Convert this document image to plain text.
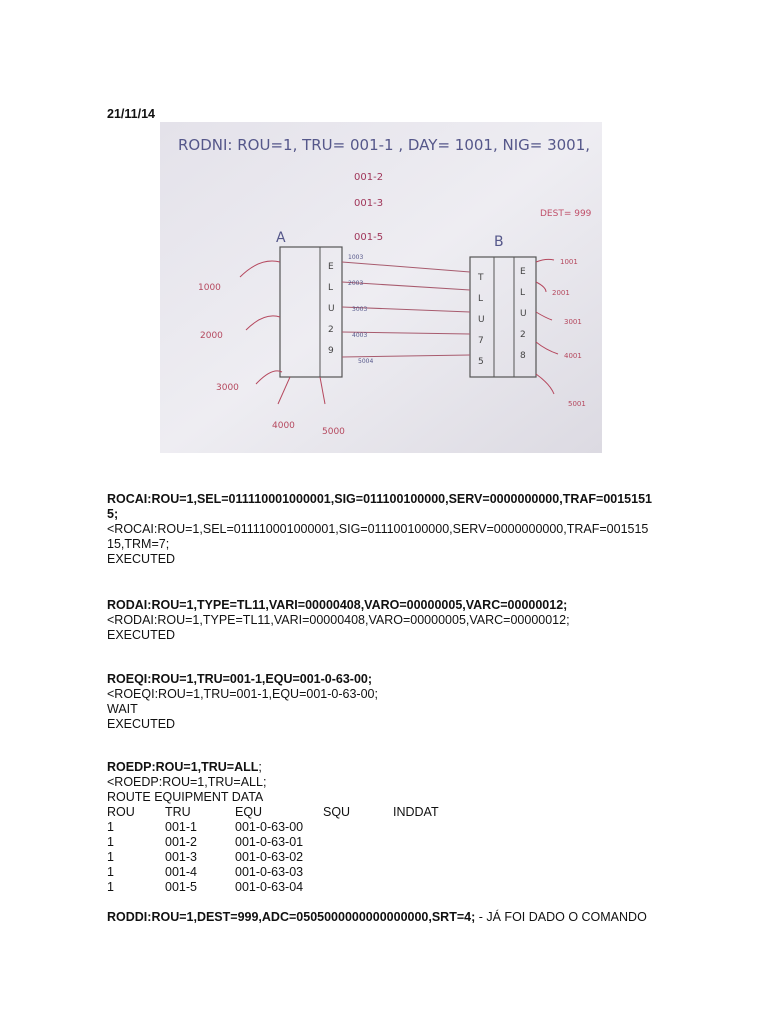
21/11/14
RODNI: ROU=1, TRU= 001-1 , DAY= 1001, NIG= 3001,
001-2
001-3
001-5
DEST= 999
A	B
1003
2003
3003
4003
5004
E
L
U
2
9
T
L
U
7
5
E
L
U
2
8
1000
2000
3000
4000
5000
1001
2001
3001
4001
5001
ROCAI:ROU=1,SEL=011110001000001,SIG=011100100000,SERV=0000000000,TRAF=0015151
5;
<ROCAI:ROU=1,SEL=011110001000001,SIG=011100100000,SERV=0000000000,TRAF=001515
15,TRM=7;
EXECUTED
RODAI:ROU=1,TYPE=TL11,VARI=00000408,VARO=00000005,VARC=00000012;
<RODAI:ROU=1,TYPE=TL11,VARI=00000408,VARO=00000005,VARC=00000012;
EXECUTED
ROEQI:ROU=1,TRU=001-1,EQU=001-0-63-00;
<ROEQI:ROU=1,TRU=001-1,EQU=001-0-63-00;
WAIT
EXECUTED
ROEDP:ROU=1,TRU=ALL;
<ROEDP:ROU=1,TRU=ALL;
ROUTE EQUIPMENT DATA
ROU TRU	EQU	SQU	INDDAT
1	001-1	001-0-63-00
1	001-2	001-0-63-01
1	001-3	001-0-63-02
1	001-4	001-0-63-03
1	001-5	001-0-63-04
RODDI:ROU=1,DEST=999,ADC=0505000000000000000,SRT=4; - JÁ FOI DADO O COMANDO
